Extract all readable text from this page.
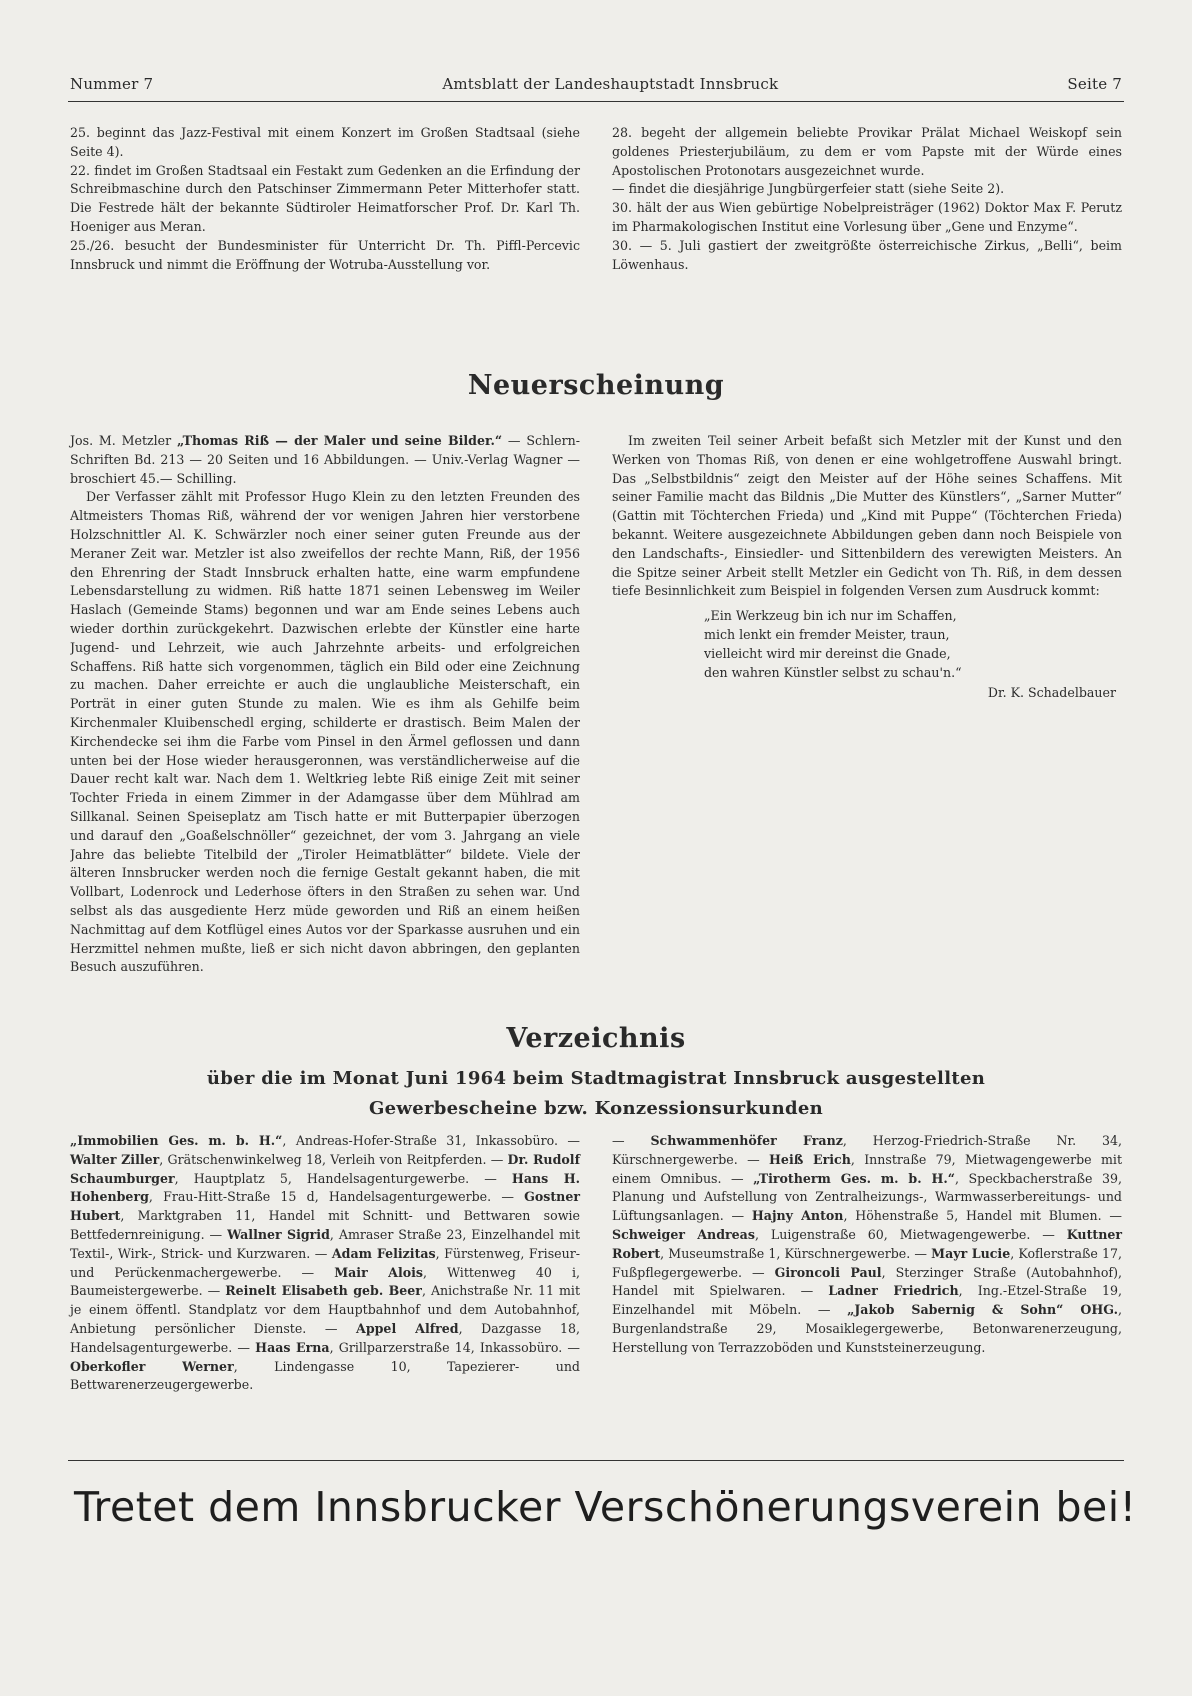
Nummer 7	Amtsblatt der Landeshauptstadt Innsbruck	Seite 7

25. beginnt das Jazz-Festival mit einem Konzert im Großen Stadtsaal (siehe Seite 4).

22. findet im Großen Stadtsaal ein Festakt zum Gedenken an die Erfindung der Schreibmaschine durch den Patschinser Zimmermann Peter Mitterhofer statt. Die Festrede hält der bekannte Südtiroler Heimatforscher Prof. Dr. Karl Th. Hoeniger aus Meran.

25./26. besucht der Bundesminister für Unterricht Dr. Th. Piffl-Percevic Innsbruck und nimmt die Eröffnung der Wotruba-Ausstellung vor.

28. begeht der allgemein beliebte Provikar Prälat Michael Weiskopf sein goldenes Priesterjubiläum, zu dem er vom Papste mit der Würde eines Apostolischen Protonotars ausgezeichnet wurde.

— findet die diesjährige Jungbürgerfeier statt (siehe Seite 2).

30. hält der aus Wien gebürtige Nobelpreisträger (1962) Doktor Max F. Perutz im Pharmakologischen Institut eine Vorlesung über „Gene und Enzyme“.

30. — 5. Juli gastiert der zweitgrößte österreichische Zirkus, „Belli“, beim Löwenhaus.

Neuerscheinung

Jos. M. Metzler „Thomas Riß — der Maler und seine Bilder.“ — Schlern-Schriften Bd. 213 — 20 Seiten und 16 Abbildungen. — Univ.-Verlag Wagner — broschiert 45.— Schilling.

Der Verfasser zählt mit Professor Hugo Klein zu den letzten Freunden des Altmeisters Thomas Riß, während der vor wenigen Jahren hier verstorbene Holzschnittler Al. K. Schwärzler noch einer seiner guten Freunde aus der Meraner Zeit war. Metzler ist also zweifellos der rechte Mann, Riß, der 1956 den Ehrenring der Stadt Innsbruck erhalten hatte, eine warm empfundene Lebensdarstellung zu widmen. Riß hatte 1871 seinen Lebensweg im Weiler Haslach (Gemeinde Stams) begonnen und war am Ende seines Lebens auch wieder dorthin zurückgekehrt. Dazwischen erlebte der Künstler eine harte Jugend- und Lehrzeit, wie auch Jahrzehnte arbeits- und erfolgreichen Schaffens. Riß hatte sich vorgenommen, täglich ein Bild oder eine Zeichnung zu machen. Daher erreichte er auch die unglaubliche Meisterschaft, ein Porträt in einer guten Stunde zu malen. Wie es ihm als Gehilfe beim Kirchenmaler Kluibenschedl erging, schilderte er drastisch. Beim Malen der Kirchendecke sei ihm die Farbe vom Pinsel in den Ärmel geflossen und dann unten bei der Hose wieder herausgeronnen, was verständlicherweise auf die Dauer recht kalt war. Nach dem 1. Weltkrieg lebte Riß einige Zeit mit seiner Tochter Frieda in einem Zimmer in der Adamgasse über dem Mühlrad am Sillkanal. Seinen Speiseplatz am Tisch hatte er mit Butterpapier überzogen und darauf den „Goaßelschnöller“ gezeichnet, der vom 3. Jahrgang an viele Jahre das beliebte Titelbild der „Tiroler Heimatblätter“ bildete. Viele der älteren Innsbrucker werden noch die fernige Gestalt gekannt haben, die mit Vollbart, Lodenrock und Lederhose öfters in den Straßen zu sehen war. Und selbst als das ausgediente Herz müde geworden und Riß an einem heißen Nachmittag auf dem Kotflügel eines Autos vor der Sparkasse ausruhen und ein Herzmittel nehmen mußte, ließ er sich nicht davon abbringen, den geplanten Besuch auszuführen.

Im zweiten Teil seiner Arbeit befaßt sich Metzler mit der Kunst und den Werken von Thomas Riß, von denen er eine wohlgetroffene Auswahl bringt. Das „Selbstbildnis“ zeigt den Meister auf der Höhe seines Schaffens. Mit seiner Familie macht das Bildnis „Die Mutter des Künstlers“, „Sarner Mutter“ (Gattin mit Töchterchen Frieda) und „Kind mit Puppe“ (Töchterchen Frieda) bekannt. Weitere ausgezeichnete Abbildungen geben dann noch Beispiele von den Landschafts-, Einsiedler- und Sittenbildern des verewigten Meisters. An die Spitze seiner Arbeit stellt Metzler ein Gedicht von Th. Riß, in dem dessen tiefe Besinnlichkeit zum Beispiel in folgenden Versen zum Ausdruck kommt:

„Ein Werkzeug bin ich nur im Schaffen,
mich lenkt ein fremder Meister, traun,
vielleicht wird mir dereinst die Gnade,
den wahren Künstler selbst zu schau'n.“
Dr. K. Schadelbauer
Verzeichnis
über die im Monat Juni 1964 beim Stadtmagistrat Innsbruck ausgestellten
Gewerbescheine bzw. Konzessionsurkunden

„Immobilien Ges. m. b. H.“, Andreas-Hofer-Straße 31, Inkassobüro. — Walter Ziller, Grätschenwinkelweg 18, Verleih von Reitpferden. — Dr. Rudolf Schaumburger, Hauptplatz 5, Handelsagenturgewerbe. — Hans H. Hohenberg, Frau-Hitt-Straße 15 d, Handelsagenturgewerbe. — Gostner Hubert, Marktgraben 11, Handel mit Schnitt- und Bettwaren sowie Bettfedernreinigung. — Wallner Sigrid, Amraser Straße 23, Einzelhandel mit Textil-, Wirk-, Strick- und Kurzwaren. — Adam Felizitas, Fürstenweg, Friseur- und Perückenmachergewerbe. — Mair Alois, Wittenweg 40 i, Baumeistergewerbe. — Reinelt Elisabeth geb. Beer, Anichstraße Nr. 11 mit je einem öffentl. Standplatz vor dem Hauptbahnhof und dem Autobahnhof, Anbietung persönlicher Dienste. — Appel Alfred, Dazgasse 18, Handelsagenturgewerbe. — Haas Erna, Grillparzerstraße 14, Inkassobüro. — Oberkofler Werner, Lindengasse 10, Tapezierer- und Bettwarenerzeugergewerbe.

— Schwammenhöfer Franz, Herzog-Friedrich-Straße Nr. 34, Kürschnergewerbe. — Heiß Erich, Innstraße 79, Mietwagengewerbe mit einem Omnibus. — „Tirotherm Ges. m. b. H.“, Speckbacherstraße 39, Planung und Aufstellung von Zentralheizungs-, Warmwasserbereitungs- und Lüftungsanlagen. — Hajny Anton, Höhenstraße 5, Handel mit Blumen. — Schweiger Andreas, Luigenstraße 60, Mietwagengewerbe. — Kuttner Robert, Museumstraße 1, Kürschnergewerbe. — Mayr Lucie, Koflerstraße 17, Fußpflegergewerbe. — Gironcoli Paul, Sterzinger Straße (Autobahnhof), Handel mit Spielwaren. — Ladner Friedrich, Ing.-Etzel-Straße 19, Einzelhandel mit Möbeln. — „Jakob Sabernig & Sohn“ OHG., Burgenlandstraße 29, Mosaiklegergewerbe, Betonwarenerzeugung, Herstellung von Terrazzoböden und Kunststeinerzeugung.

Tretet dem Innsbrucker Verschönerungsverein bei!
